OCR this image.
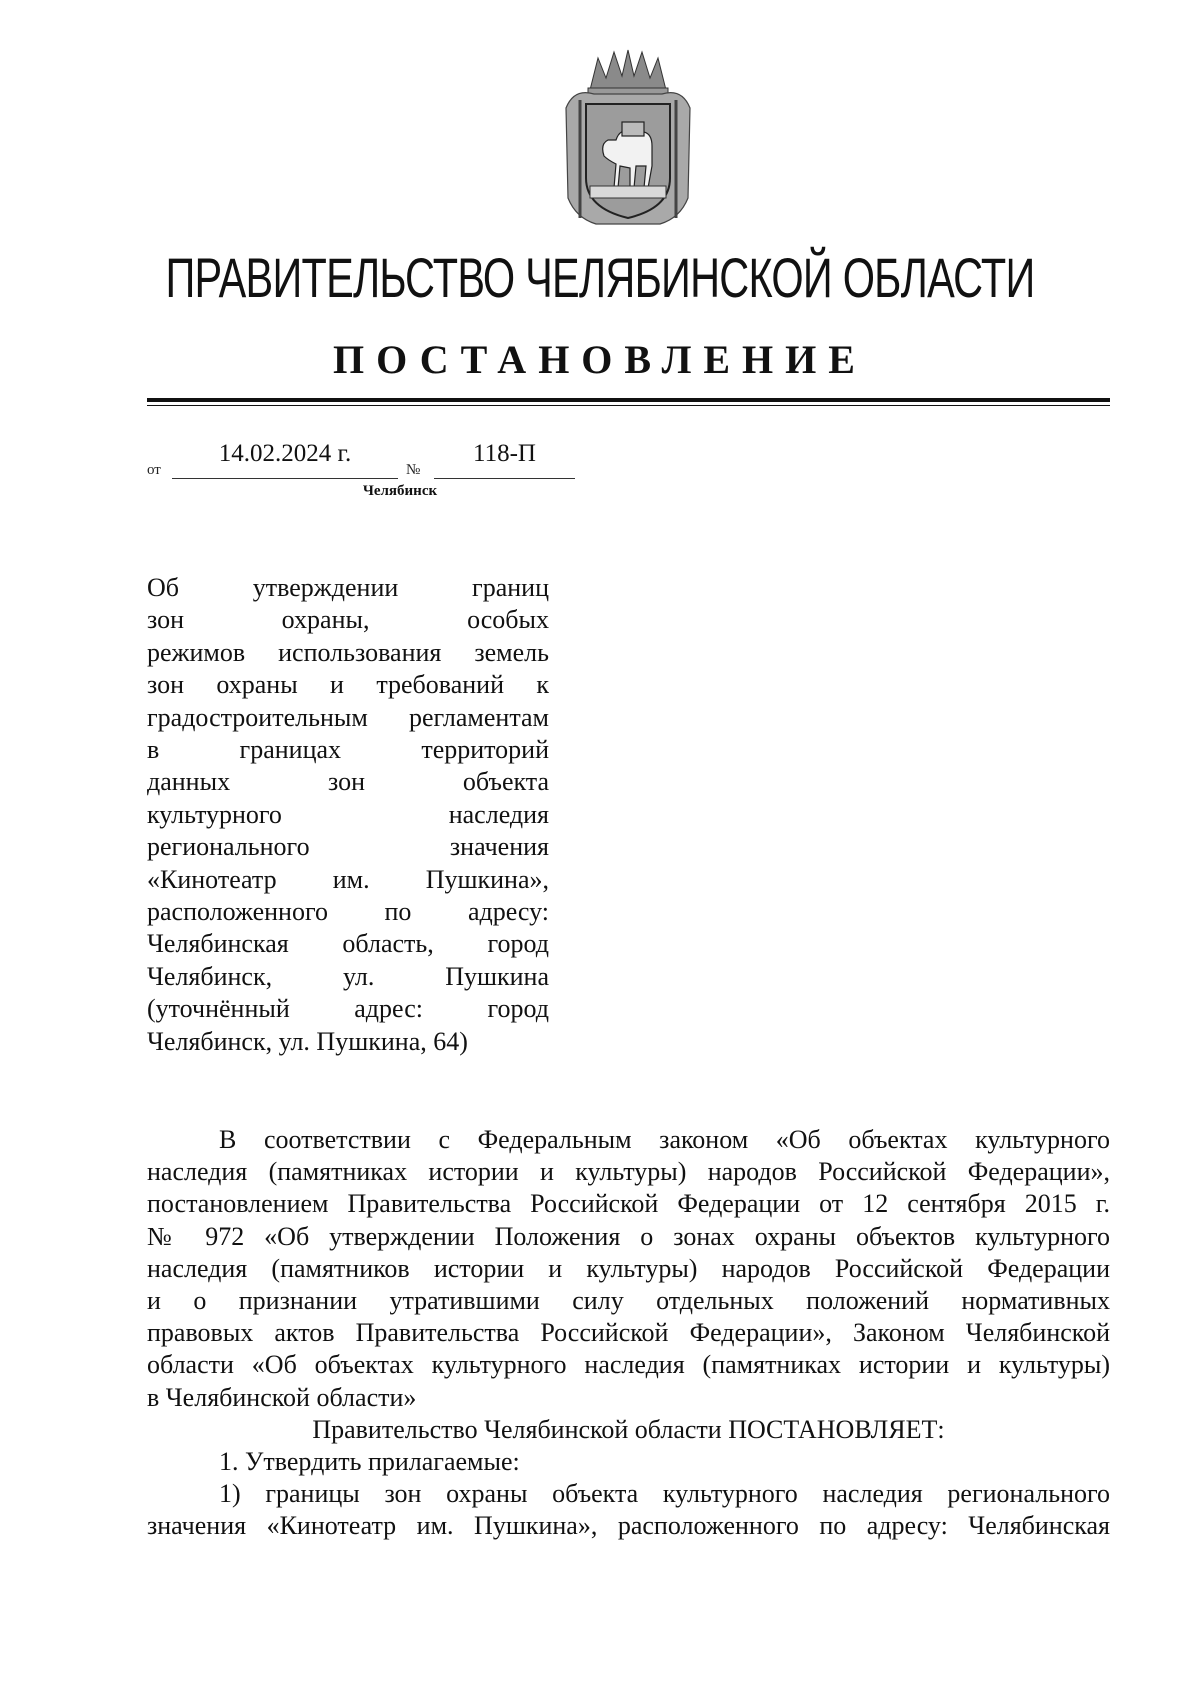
ПРАВИТЕЛЬСТВО ЧЕЛЯБИНСКОЙ ОБЛАСТИ
ПОСТАНОВЛЕНИЕ
от
14.02.2024 г.
№
118-П
Челябинск
Об утверждении границ
зон охраны, особых
режимов использования земель
зон охраны и требований к
градостроительным регламентам
в границах территорий
данных зон объекта
культурного наследия
регионального значения
«Кинотеатр им. Пушкина»,
расположенного по адресу:
Челябинская область, город
Челябинск, ул. Пушкина
(уточнённый адрес: город
Челябинск, ул. Пушкина, 64)
В соответствии с Федеральным законом «Об объектах культурного
наследия (памятниках истории и культуры) народов Российской Федерации»,
постановлением Правительства Российской Федерации от 12 сентября 2015 г.
№ 972 «Об утверждении Положения о зонах охраны объектов культурного
наследия (памятников истории и культуры) народов Российской Федерации
и о признании утратившими силу отдельных положений нормативных
правовых актов Правительства Российской Федерации», Законом Челябинской
области «Об объектах культурного наследия (памятниках истории и культуры)
в Челябинской области»
Правительство Челябинской области ПОСТАНОВЛЯЕТ:
1. Утвердить прилагаемые:
1) границы зон охраны объекта культурного наследия регионального
значения «Кинотеатр им. Пушкина», расположенного по адресу: Челябинская
